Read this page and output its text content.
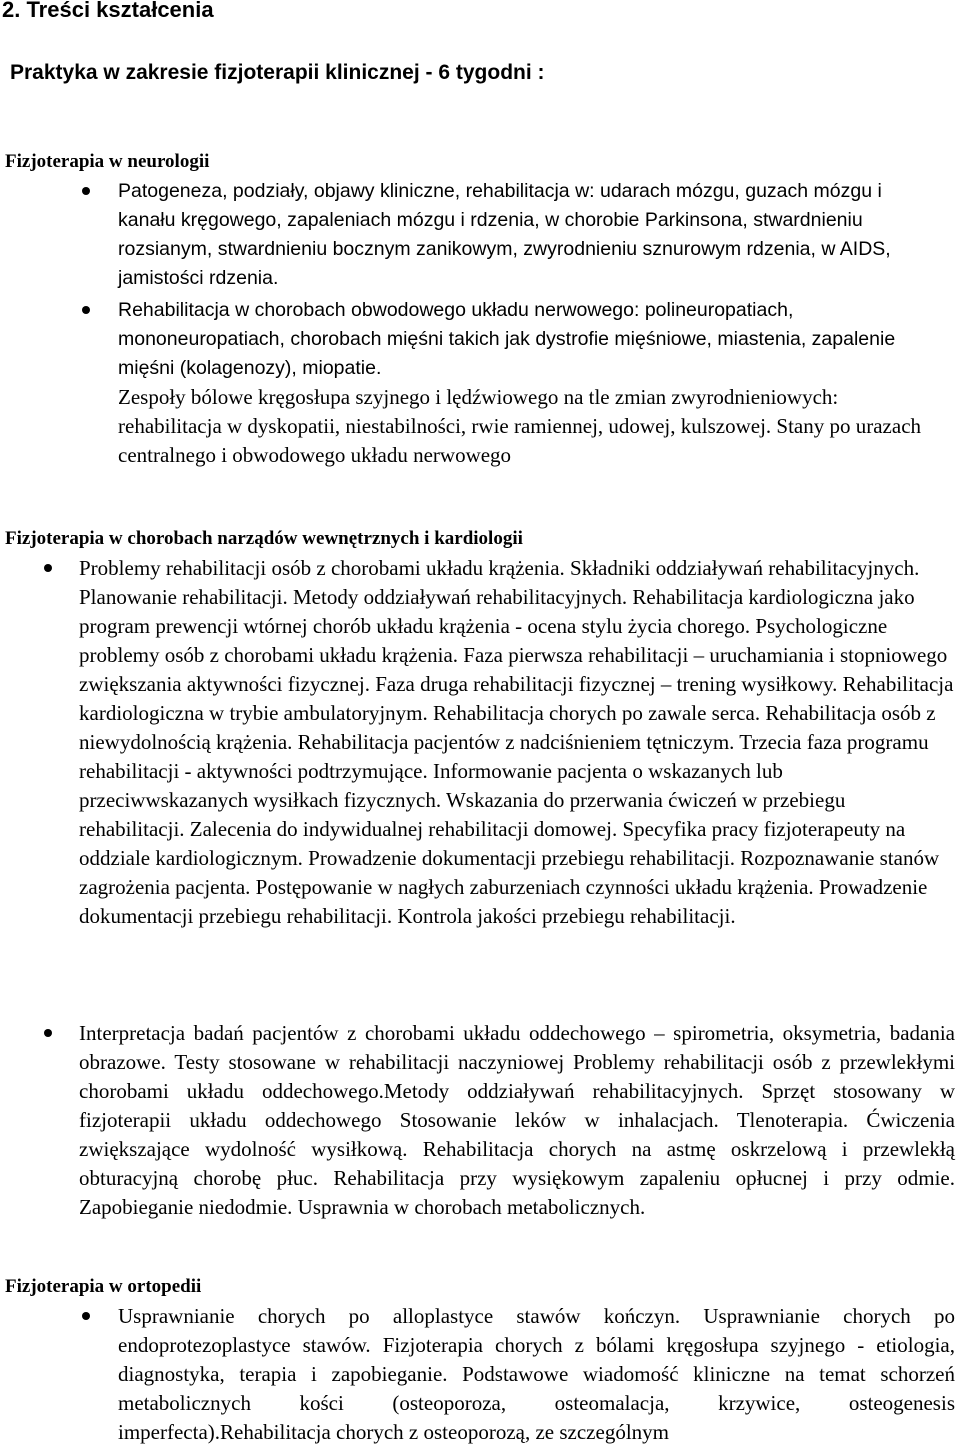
2. Treści kształcenia
Praktyka w zakresie fizjoterapii klinicznej - 6 tygodni :
Fizjoterapia w neurologii

Patogeneza, podziały, objawy kliniczne, rehabilitacja w: udarach mózgu, guzach mózgu i kanału kręgowego, zapaleniach mózgu i rdzenia, w chorobie Parkinsona, stwardnieniu rozsianym, stwardnieniu bocznym zanikowym, zwyrodnieniu sznurowym rdzenia, w AIDS, jamistości rdzenia.

Rehabilitacja w chorobach obwodowego układu nerwowego: polineuropatiach, mononeuropatiach, chorobach mięśni takich jak dystrofie mięśniowe, miastenia, zapalenie mięśni (kolagenozy), miopatie.

Zespoły bólowe kręgosłupa szyjnego i lędźwiowego na tle zmian zwyrodnieniowych: rehabilitacja w dyskopatii, niestabilności, rwie ramiennej, udowej, kulszowej. Stany po urazach centralnego i obwodowego układu nerwowego

Fizjoterapia w chorobach narządów wewnętrznych i kardiologii

Problemy rehabilitacji osób z chorobami układu krążenia. Składniki oddziaływań rehabilitacyjnych. Planowanie rehabilitacji. Metody oddziaływań rehabilitacyjnych. Rehabilitacja kardiologiczna jako program prewencji wtórnej chorób układu krążenia - ocena stylu życia chorego. Psychologiczne problemy osób z chorobami układu krążenia. Faza pierwsza rehabilitacji – uruchamiania i stopniowego zwiększania aktywności fizycznej. Faza druga rehabilitacji fizycznej – trening wysiłkowy. Rehabilitacja kardiologiczna w trybie ambulatoryjnym. Rehabilitacja chorych po zawale serca. Rehabilitacja osób z niewydolnością krążenia. Rehabilitacja pacjentów z nadciśnieniem tętniczym. Trzecia faza programu rehabilitacji - aktywności podtrzymujące. Informowanie pacjenta o wskazanych lub przeciwwskazanych wysiłkach fizycznych. Wskazania do przerwania ćwiczeń w przebiegu rehabilitacji. Zalecenia do indywidualnej rehabilitacji domowej. Specyfika pracy fizjoterapeuty na oddziale kardiologicznym. Prowadzenie dokumentacji przebiegu rehabilitacji. Rozpoznawanie stanów zagrożenia pacjenta. Postępowanie w nagłych zaburzeniach czynności układu krążenia. Prowadzenie dokumentacji przebiegu rehabilitacji. Kontrola jakości przebiegu rehabilitacji.

Interpretacja badań pacjentów z chorobami układu oddechowego – spirometria, oksymetria, badania obrazowe. Testy stosowane w rehabilitacji naczyniowej Problemy rehabilitacji osób z przewlekłymi chorobami układu oddechowego.Metody oddziaływań rehabilitacyjnych. Sprzęt stosowany w fizjoterapii układu oddechowego Stosowanie leków w inhalacjach. Tlenoterapia. Ćwiczenia zwiększające wydolność wysiłkową. Rehabilitacja chorych na astmę oskrzelową i przewlekłą obturacyjną chorobę płuc. Rehabilitacja przy wysiękowym zapaleniu opłucnej i przy odmie. Zapobieganie niedodmie. Usprawnia w chorobach metabolicznych.

Fizjoterapia w ortopedii

Usprawnianie chorych po alloplastyce stawów kończyn. Usprawnianie chorych po endoprotezoplastyce stawów. Fizjoterapia chorych z bólami kręgosłupa szyjnego - etiologia, diagnostyka, terapia i zapobieganie. Podstawowe wiadomość kliniczne na temat schorzeń metabolicznych kości (osteoporoza, osteomalacja, krzywice, osteogenesis imperfecta).Rehabilitacja chorych z osteoporozą, ze szczególnym
